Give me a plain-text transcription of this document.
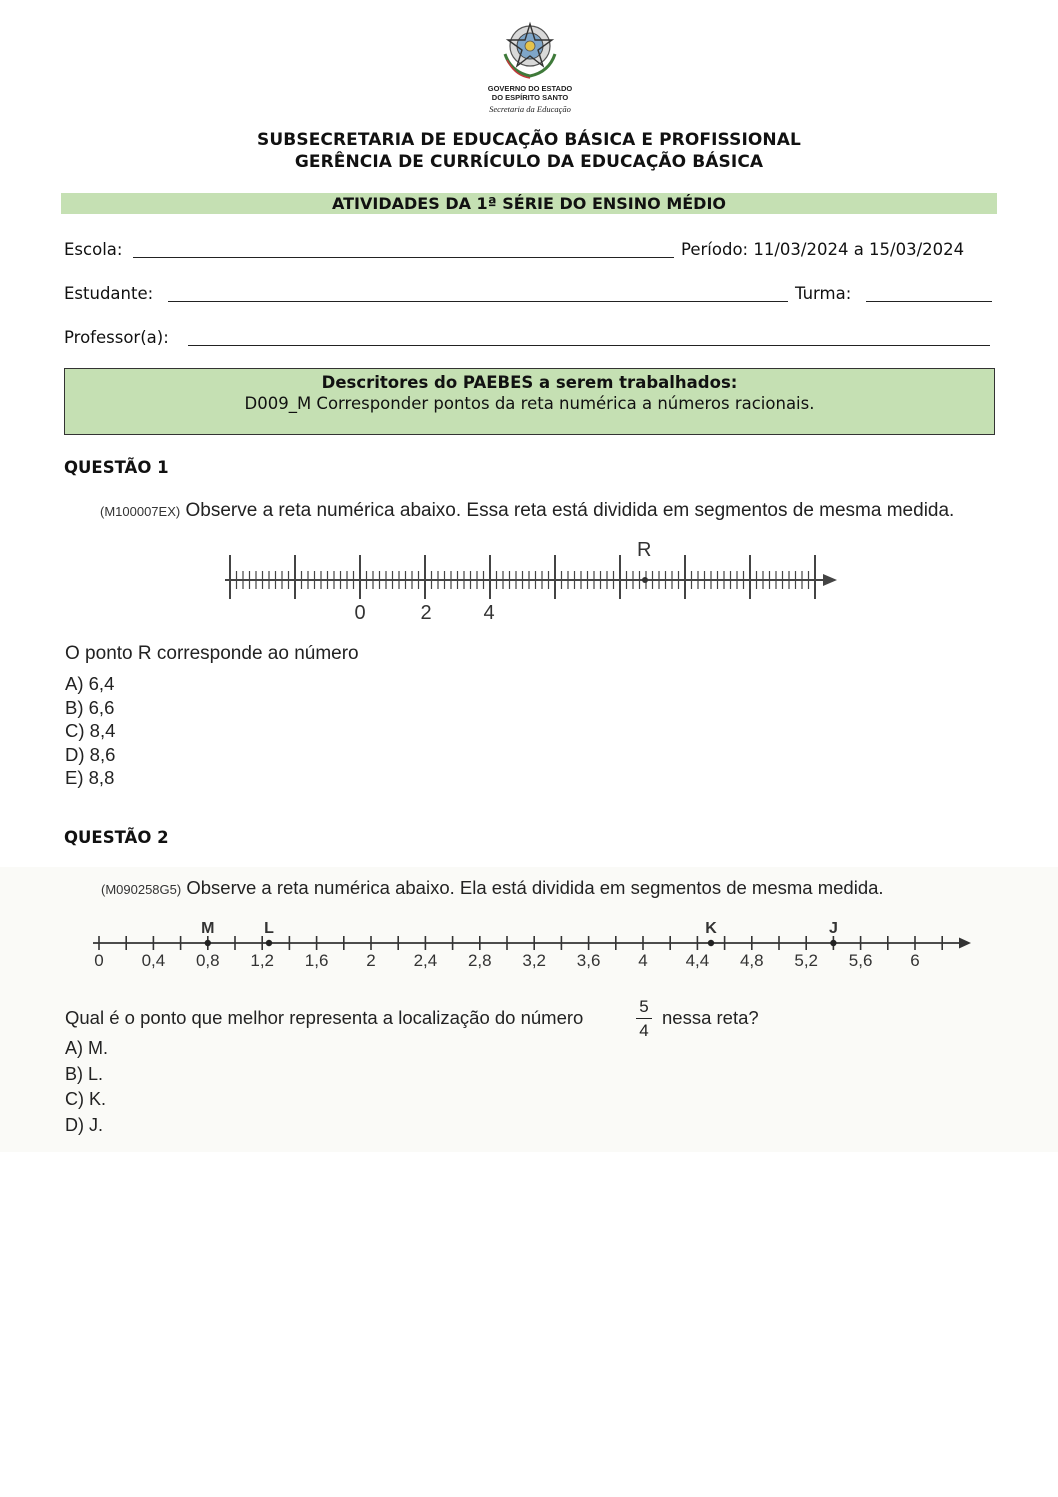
GOVERNO DO ESTADO
DO ESPÍRITO SANTO
Secretaria da Educação
SUBSECRETARIA DE EDUCAÇÃO BÁSICA E PROFISSIONAL
GERÊNCIA DE CURRÍCULO DA EDUCAÇÃO BÁSICA
ATIVIDADES DA 1ª SÉRIE DO ENSINO MÉDIO
Escola:	Período: 11/03/2024 a 15/03/2024
Estudante:	Turma:
Professor(a):
Descritores do PAEBES a serem trabalhados:
D009_M Corresponder pontos da reta numérica a números racionais.
QUESTÃO 1
(M100007EX) Observe a reta numérica abaixo. Essa reta está dividida em segmentos de mesma medida.
R
0	2	4
O ponto R corresponde ao número
A) 6,4
B) 6,6
C) 8,4
D) 8,6
E) 8,8
QUESTÃO 2
(M090258G5) Observe a reta numérica abaixo. Ela está dividida em segmentos de mesma medida.
0 0,4 0,8 1,2 1,6 2 2,4 2,8 3,2 3,6 4 4,4 4,8 5,2 5,6 6
M	L	K	J
Qual é o ponto que melhor representa a localização do número
5
4
nessa reta?
A) M.
B) L.
C) K.
D) J.
